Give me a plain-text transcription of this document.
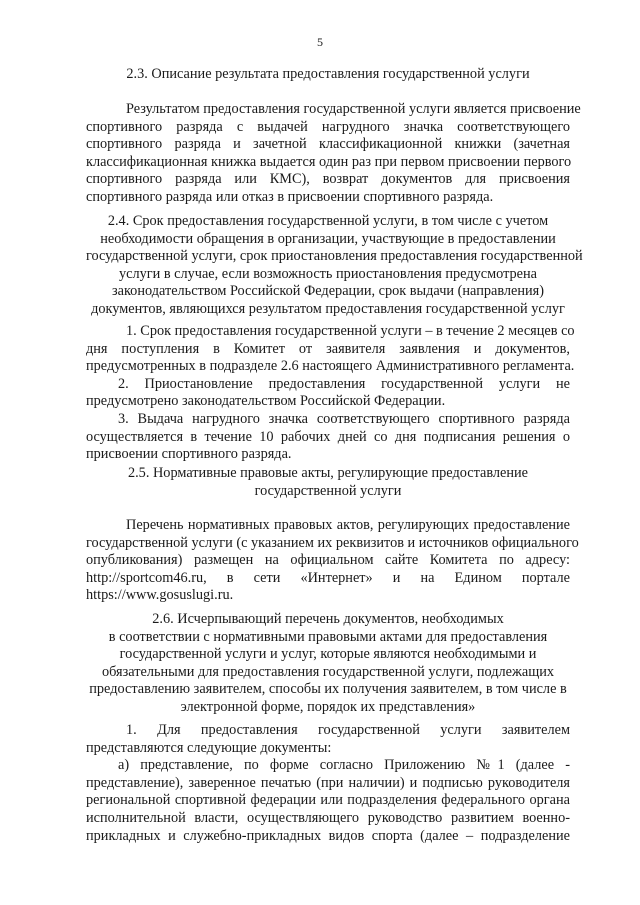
5
2.3. Описание результата предоставления государственной услуги
Результатом предоставления государственной услуги является присвоение
спортивного разряда с выдачей нагрудного значка соответствующего
спортивного разряда и зачетной классификационной книжки (зачетная
классификационная книжка выдается один раз при первом присвоении первого
спортивного разряда или КМС), возврат документов для присвоения
спортивного разряда или отказ в присвоении спортивного разряда.
2.4. Срок предоставления государственной услуги, в том числе с учетом
необходимости обращения в организации, участвующие в предоставлении
государственной услуги, срок приостановления предоставления государственной
услуги в случае, если возможность приостановления предусмотрена
законодательством Российской Федерации, срок выдачи (направления)
документов, являющихся результатом предоставления государственной услуг
1. Срок предоставления государственной услуги – в течение 2 месяцев со
дня поступления в Комитет от заявителя заявления и документов,
предусмотренных в подразделе 2.6 настоящего Административного регламента.
2. Приостановление предоставления государственной услуги не
предусмотрено законодательством Российской Федерации.
3. Выдача нагрудного значка соответствующего спортивного разряда
осуществляется в течение 10 рабочих дней со дня подписания решения о
присвоении спортивного разряда.
2.5. Нормативные правовые акты, регулирующие предоставление
государственной услуги
Перечень нормативных правовых актов, регулирующих предоставление
государственной услуги (с указанием их реквизитов и источников официального
опубликования) размещен на официальном сайте Комитета по адресу:
http://sportcom46.ru, в сети «Интернет» и на Едином портале
https://www.gosuslugi.ru.
2.6. Исчерпывающий перечень документов, необходимых
в соответствии с нормативными правовыми актами для предоставления
государственной услуги и услуг, которые являются необходимыми и
обязательными для предоставления государственной услуги, подлежащих
предоставлению заявителем, способы их получения заявителем, в том числе в
электронной форме, порядок их представления»
1. Для предоставления государственной услуги заявителем
представляются следующие документы:
а) представление, по форме согласно Приложению №1 (далее -
представление), заверенное печатью (при наличии) и подписью руководителя
региональной спортивной федерации или подразделения федерального органа
исполнительной власти, осуществляющего руководство развитием военно-
прикладных и служебно-прикладных видов спорта (далее – подразделение
